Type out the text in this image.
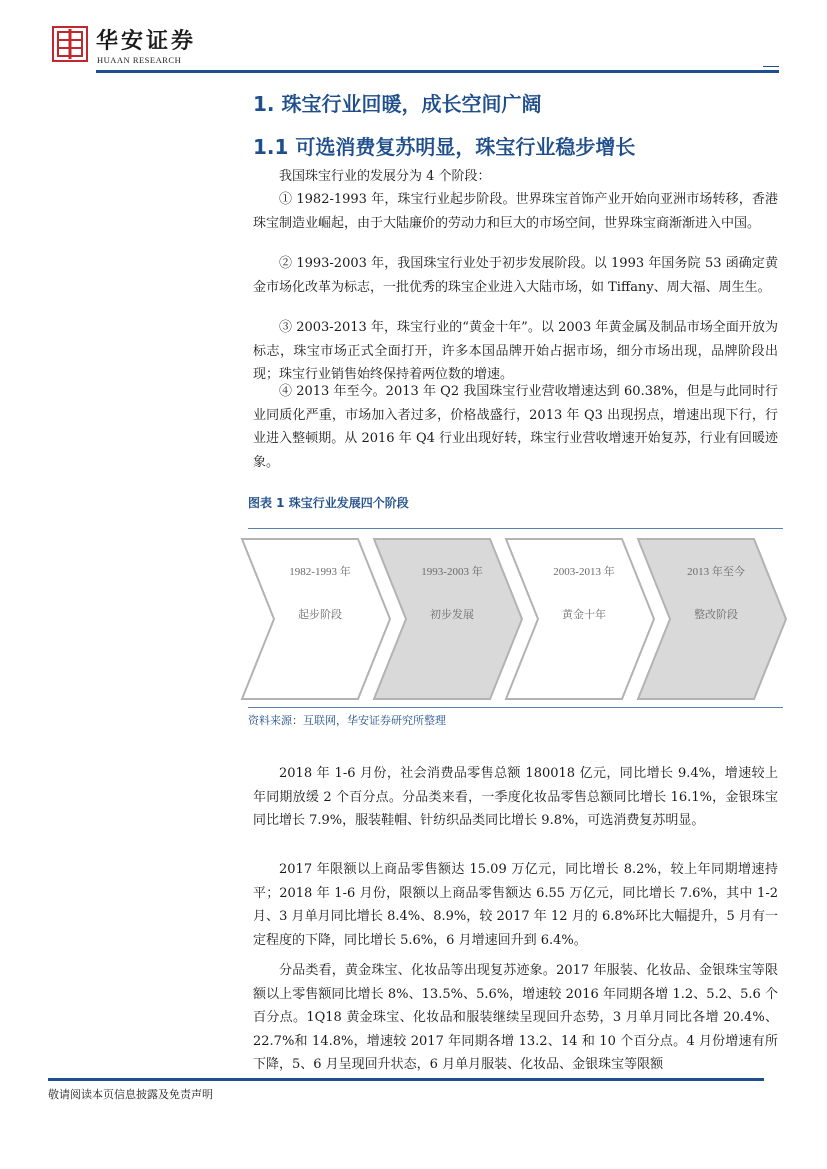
华安证券
HUAAN RESEARCH
1. 珠宝行业回暖，成长空间广阔
1.1 可选消费复苏明显，珠宝行业稳步增长

我国珠宝行业的发展分为 4 个阶段：

① 1982-1993 年，珠宝行业起步阶段。世界珠宝首饰产业开始向亚洲市场转移，香港珠宝制造业崛起，由于大陆廉价的劳动力和巨大的市场空间，世界珠宝商渐渐进入中国。

② 1993-2003 年，我国珠宝行业处于初步发展阶段。以 1993 年国务院 53 函确定黄金市场化改革为标志，一批优秀的珠宝企业进入大陆市场，如 Tiffany、周大福、周生生。

③ 2003-2013 年，珠宝行业的“黄金十年”。以 2003 年黄金属及制品市场全面开放为标志，珠宝市场正式全面打开，许多本国品牌开始占据市场，细分市场出现，品牌阶段出现；珠宝行业销售始终保持着两位数的增速。

④ 2013 年至今。2013 年 Q2 我国珠宝行业营收增速达到 60.38%，但是与此同时行业同质化严重，市场加入者过多，价格战盛行，2013 年 Q3 出现拐点，增速出现下行，行业进入整顿期。从 2016 年 Q4 行业出现好转，珠宝行业营收增速开始复苏，行业有回暖迹象。

图表 1 珠宝行业发展四个阶段
1982-1993 年
起步阶段
1993-2003 年
初步发展
2003-2013 年
黄金十年
2013 年至今
整改阶段
资料来源：互联网，华安证券研究所整理

2018 年 1-6 月份，社会消费品零售总额 180018 亿元，同比增长 9.4%，增速较上年同期放缓 2 个百分点。分品类来看，一季度化妆品零售总额同比增长 16.1%，金银珠宝同比增长 7.9%，服装鞋帽、针纺织品类同比增长 9.8%，可选消费复苏明显。

2017 年限额以上商品零售额达 15.09 万亿元，同比增长 8.2%，较上年同期增速持平；2018 年 1-6 月份，限额以上商品零售额达 6.55 万亿元，同比增长 7.6%，其中 1-2 月、3 月单月同比增长 8.4%、8.9%，较 2017 年 12 月的 6.8%环比大幅提升，5 月有一定程度的下降，同比增长 5.6%，6 月增速回升到 6.4%。

分品类看，黄金珠宝、化妆品等出现复苏迹象。2017 年服装、化妆品、金银珠宝等限额以上零售额同比增长 8%、13.5%、5.6%，增速较 2016 年同期各增 1.2、5.2、5.6 个百分点。1Q18 黄金珠宝、化妆品和服装继续呈现回升态势，3 月单月同比各增 20.4%、22.7%和 14.8%，增速较 2017 年同期各增 13.2、14 和 10 个百分点。4 月份增速有所下降，5、6 月呈现回升状态，6 月单月服装、化妆品、金银珠宝等限额

敬请阅读本页信息披露及免责声明
